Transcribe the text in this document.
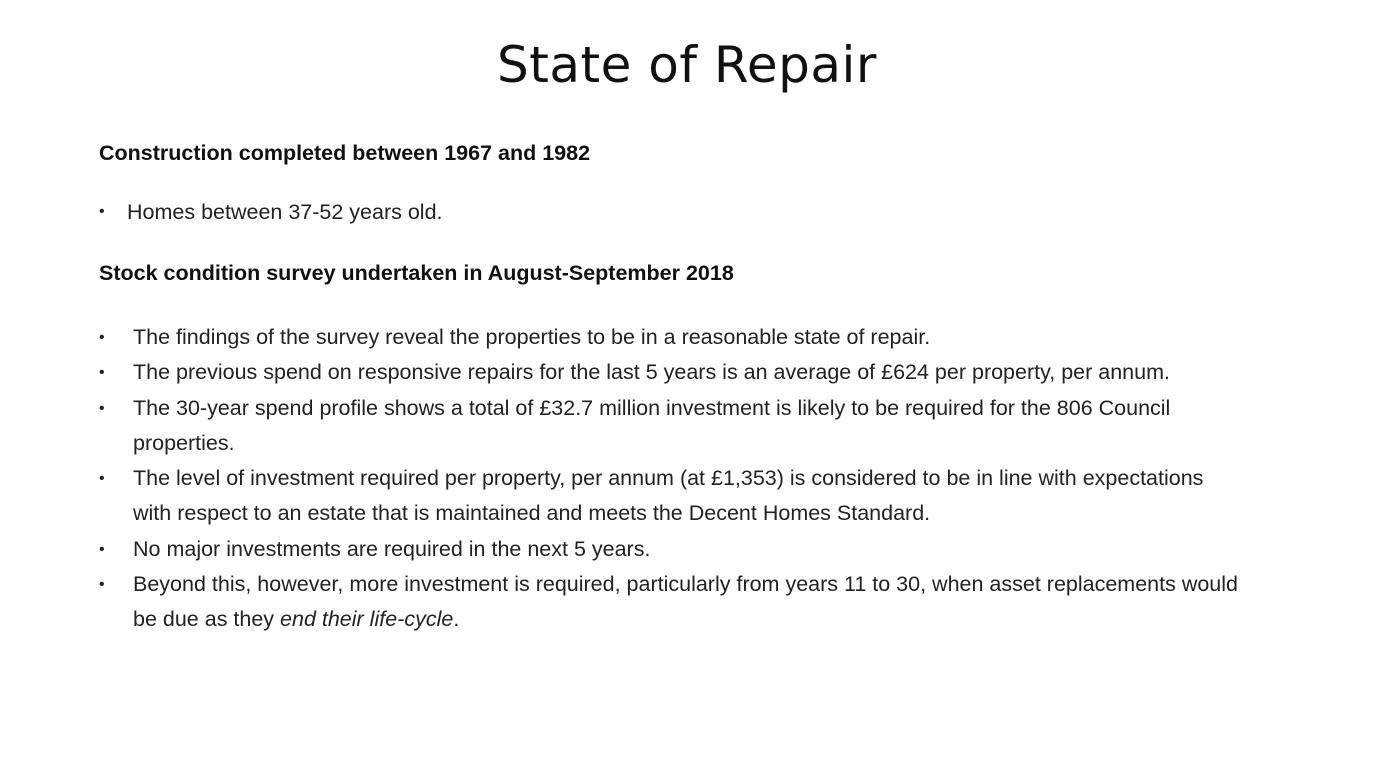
State of Repair
Construction completed between 1967 and 1982
• Homes between 37-52 years old.
Stock condition survey undertaken in August-September 2018
• The findings of the survey reveal the properties to be in a reasonable state of repair.
• The previous spend on responsive repairs for the last 5 years is an average of £624 per property, per annum.
• The 30-year spend profile shows a total of £32.7 million investment is likely to be required for the 806 Council properties.
• The level of investment required per property, per annum (at £1,353) is considered to be in line with expectations with respect to an estate that is maintained and meets the Decent Homes Standard.
• No major investments are required in the next 5 years.
• Beyond this, however, more investment is required, particularly from years 11 to 30, when asset replacements would be due as they end their life-cycle.
